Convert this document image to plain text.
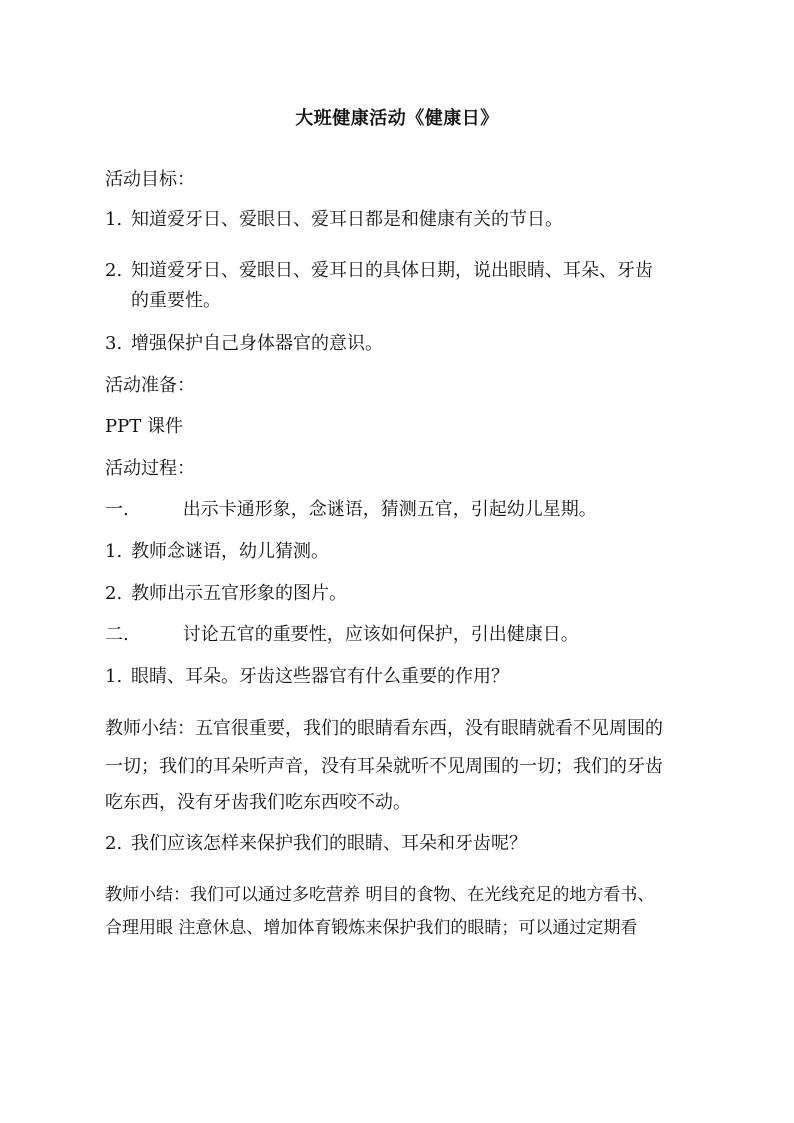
大班健康活动《健康日》
活动目标：
1. 知道爱牙日、爱眼日、爱耳日都是和健康有关的节日。
2. 知道爱牙日、爱眼日、爱耳日的具体日期，说出眼睛、耳朵、牙齿
的重要性。
3. 增强保护自己身体器官的意识。
活动准备：
PPT 课件
活动过程：
一.	出示卡通形象，念谜语，猜测五官，引起幼儿星期。
1. 教师念谜语，幼儿猜测。
2. 教师出示五官形象的图片。
二.	讨论五官的重要性，应该如何保护，引出健康日。
1. 眼睛、耳朵。牙齿这些器官有什么重要的作用？
教师小结：五官很重要，我们的眼睛看东西，没有眼睛就看不见周围的
一切；我们的耳朵听声音，没有耳朵就听不见周围的一切；我们的牙齿
吃东西，没有牙齿我们吃东西咬不动。
2. 我们应该怎样来保护我们的眼睛、耳朵和牙齿呢？
教师小结：我们可以通过多吃营养 明目的食物、在光线充足的地方看书、
合理用眼 注意休息、增加体育锻炼来保护我们的眼睛；可以通过定期看
